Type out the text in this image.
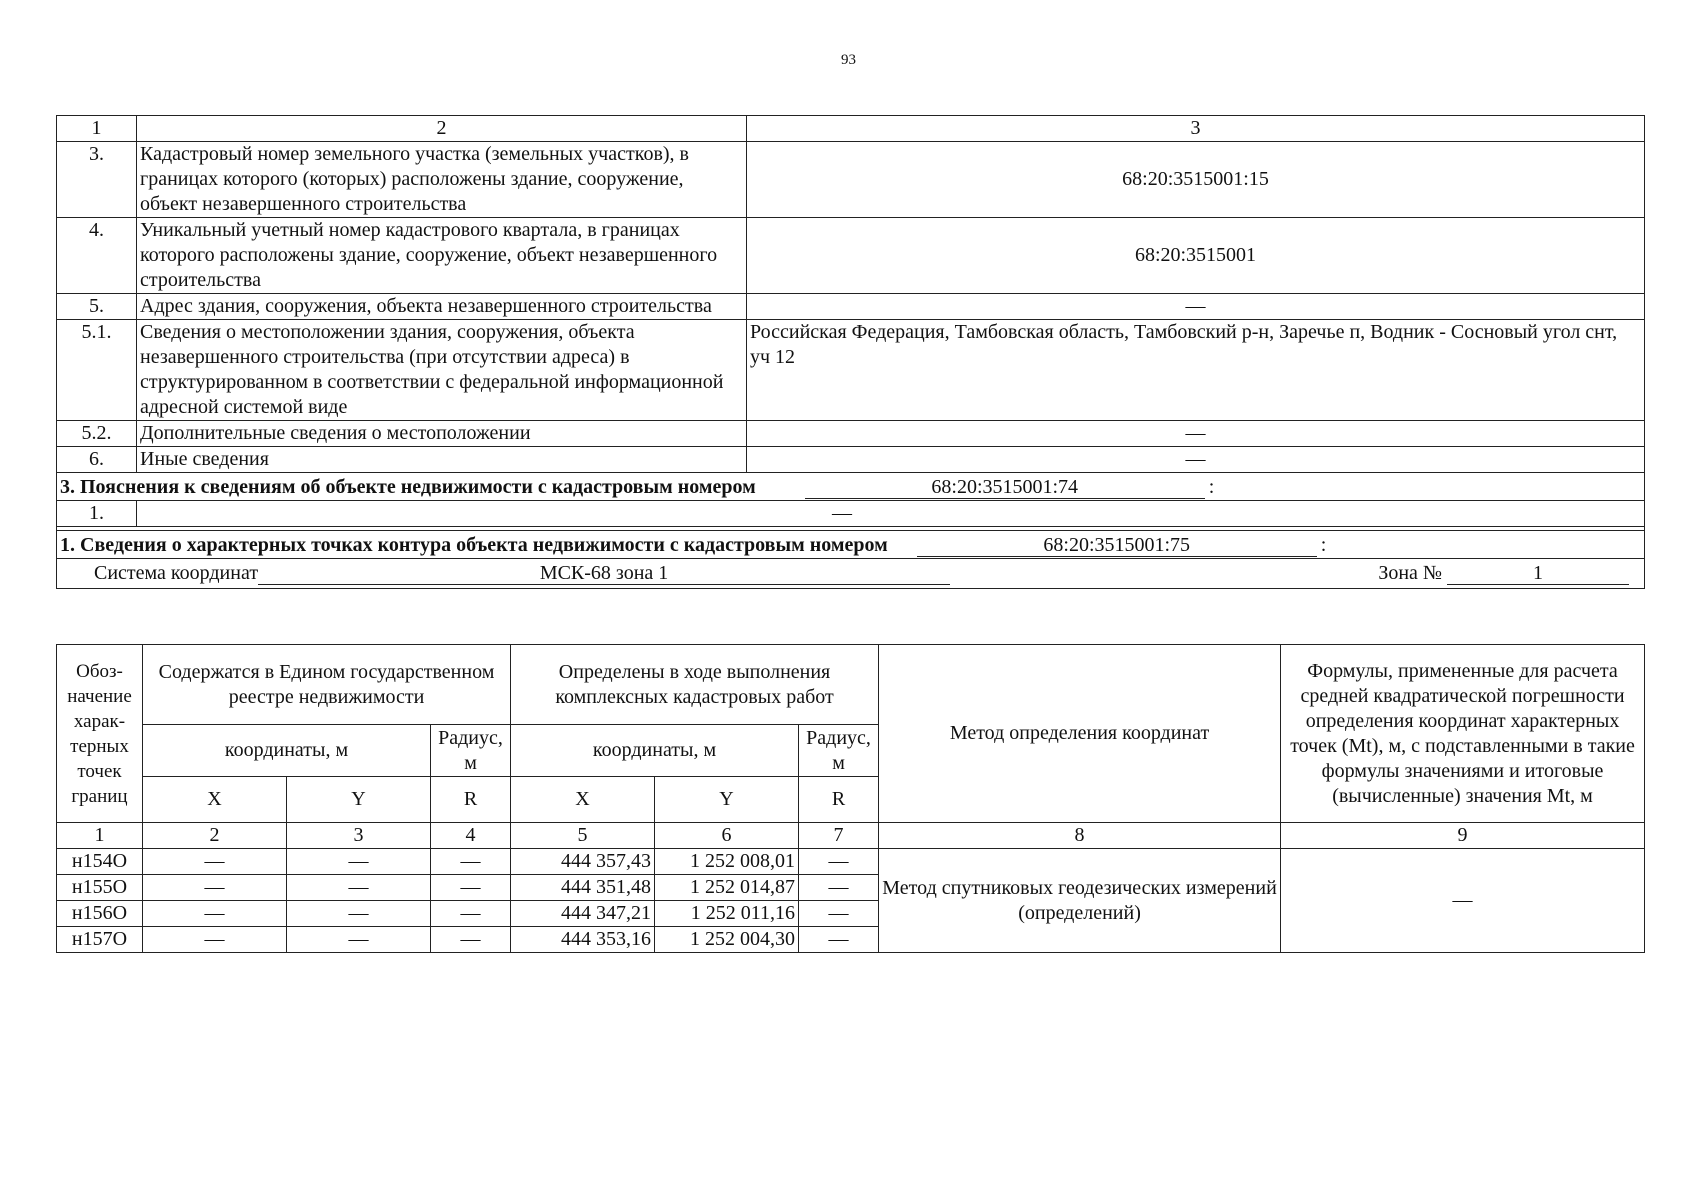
93
1	2	3
3.	Кадастровый номер земельного участка (земельных участков), в границах которого (которых) расположены здание, сооружение, объект незавершенного строительства	68:20:3515001:15
4.	Уникальный учетный номер кадастрового квартала, в границах которого расположены здание, сооружение, объект незавершенного строительства	68:20:3515001
5.	Адрес здания, сооружения, объекта незавершенного строительства	—
5.1.	Сведения о местоположении здания, сооружения, объекта незавершенного строительства (при отсутствии адреса) в структурированном в соответствии с федеральной информационной адресной системой виде	Российская Федерация, Тамбовская область, Тамбовский р-н, Заречье п, Водник - Сосновый угол снт, уч 12
5.2.	Дополнительные сведения о местоположении	—
6.	Иные сведения	—
3. Пояснения к сведениям об объекте недвижимости с кадастровым номером 68:20:3515001:74 :		
1.	—	

1. Сведения о характерных точках контура объекта недвижимости с кадастровым номером 68:20:3515001:75 :		
Система координат МСК-68 зона 1 Зона № 1		
Обоз-начение харак-терных точек границ	Содержатся в Едином государственном реестре недвижимости			Определены в ходе выполнения комплексных кадастровых работ			Метод определения координат	Формулы, примененные для расчета средней квадратической погрешности определения координат характерных точек (Mt), м, с подставленными в такие формулы значениями и итоговые (вычисленные) значения Mt, м
	координаты, м		Радиус, м	координаты, м		Радиус, м		
	X	Y	R	X	Y	R		
1	2	3	4	5	6	7	8	9
н154О	—	—	—	444 357,43	1 252 008,01	—	Метод спутниковых геодезических измерений (определений)	—
н155О	—	—	—	444 351,48	1 252 014,87	—		
н156О	—	—	—	444 347,21	1 252 011,16	—		
н157О	—	—	—	444 353,16	1 252 004,30	—		
